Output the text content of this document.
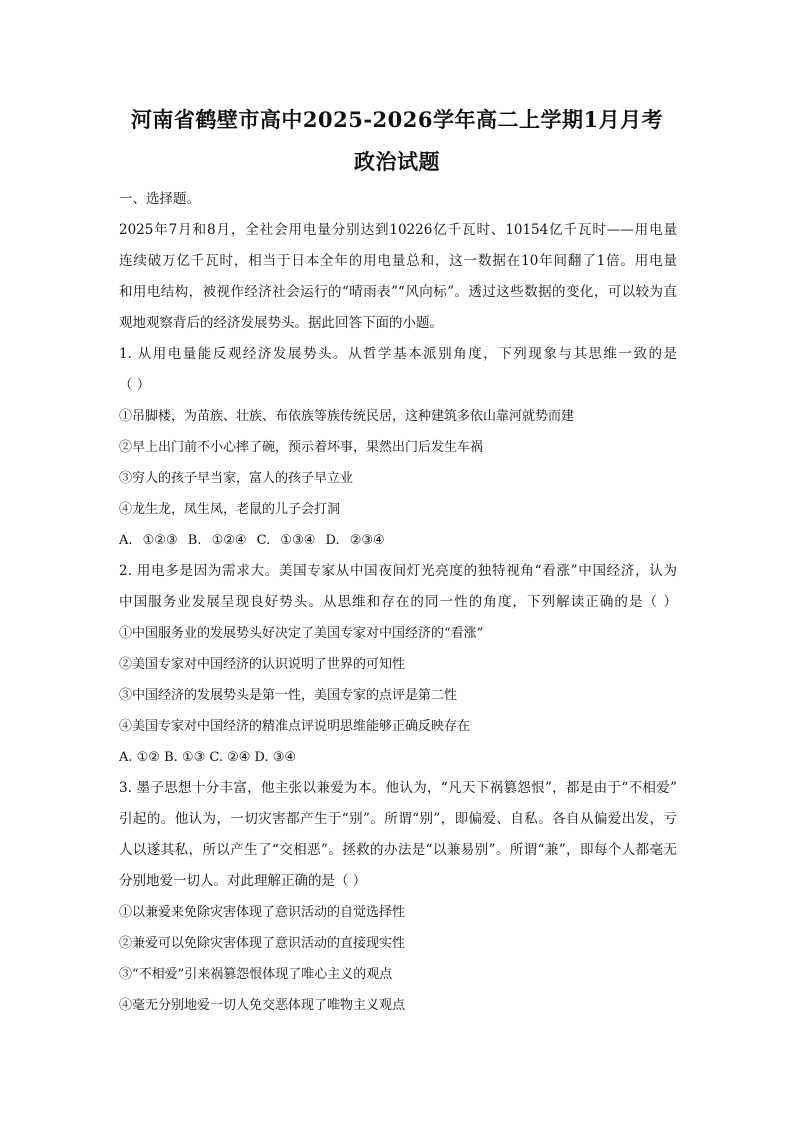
河南省鹤壁市高中2025-2026学年高二上学期1月月考
政治试题
一、选择题。
2025年7月和8月，全社会用电量分别达到10226亿千瓦时、10154亿千瓦时——用电量
连续破万亿千瓦时，相当于日本全年的用电量总和，这一数据在10年间翻了1倍。用电量
和用电结构，被视作经济社会运行的“晴雨表”“风向标”。透过这些数据的变化，可以较为直
观地观察背后的经济发展势头。据此回答下面的小题。
1. 从用电量能反观经济发展势头。从哲学基本派别角度，下列现象与其思维一致的是
（ ）
①吊脚楼，为苗族、壮族、布依族等族传统民居，这种建筑多依山靠河就势而建
②早上出门前不小心摔了碗，预示着坏事，果然出门后发生车祸
③穷人的孩子早当家，富人的孩子早立业
④龙生龙，凤生凤，老鼠的儿子会打洞
A. ①②③ B. ①②④ C. ①③④ D. ②③④
2. 用电多是因为需求大。美国专家从中国夜间灯光亮度的独特视角“看涨”中国经济，认为
中国服务业发展呈现良好势头。从思维和存在的同一性的角度，下列解读正确的是（ ）
①中国服务业的发展势头好决定了美国专家对中国经济的“看涨”
②美国专家对中国经济的认识说明了世界的可知性
③中国经济的发展势头是第一性，美国专家的点评是第二性
④美国专家对中国经济的精准点评说明思维能够正确反映存在
A. ①② B. ①③ C. ②④ D. ③④
3. 墨子思想十分丰富，他主张以兼爱为本。他认为，“凡天下祸篡怨恨”，都是由于“不相爱”
引起的。他认为，一切灾害都产生于“别”。所谓“别”，即偏爱、自私。各自从偏爱出发，亏
人以遂其私，所以产生了“交相恶”。拯救的办法是“以兼易别”。所谓“兼”，即每个人都毫无
分别地爱一切人。对此理解正确的是（ ）
①以兼爱来免除灾害体现了意识活动的自觉选择性
②兼爱可以免除灾害体现了意识活动的直接现实性
③“不相爱”引来祸篡怨恨体现了唯心主义的观点
④毫无分别地爱一切人免交恶体现了唯物主义观点
